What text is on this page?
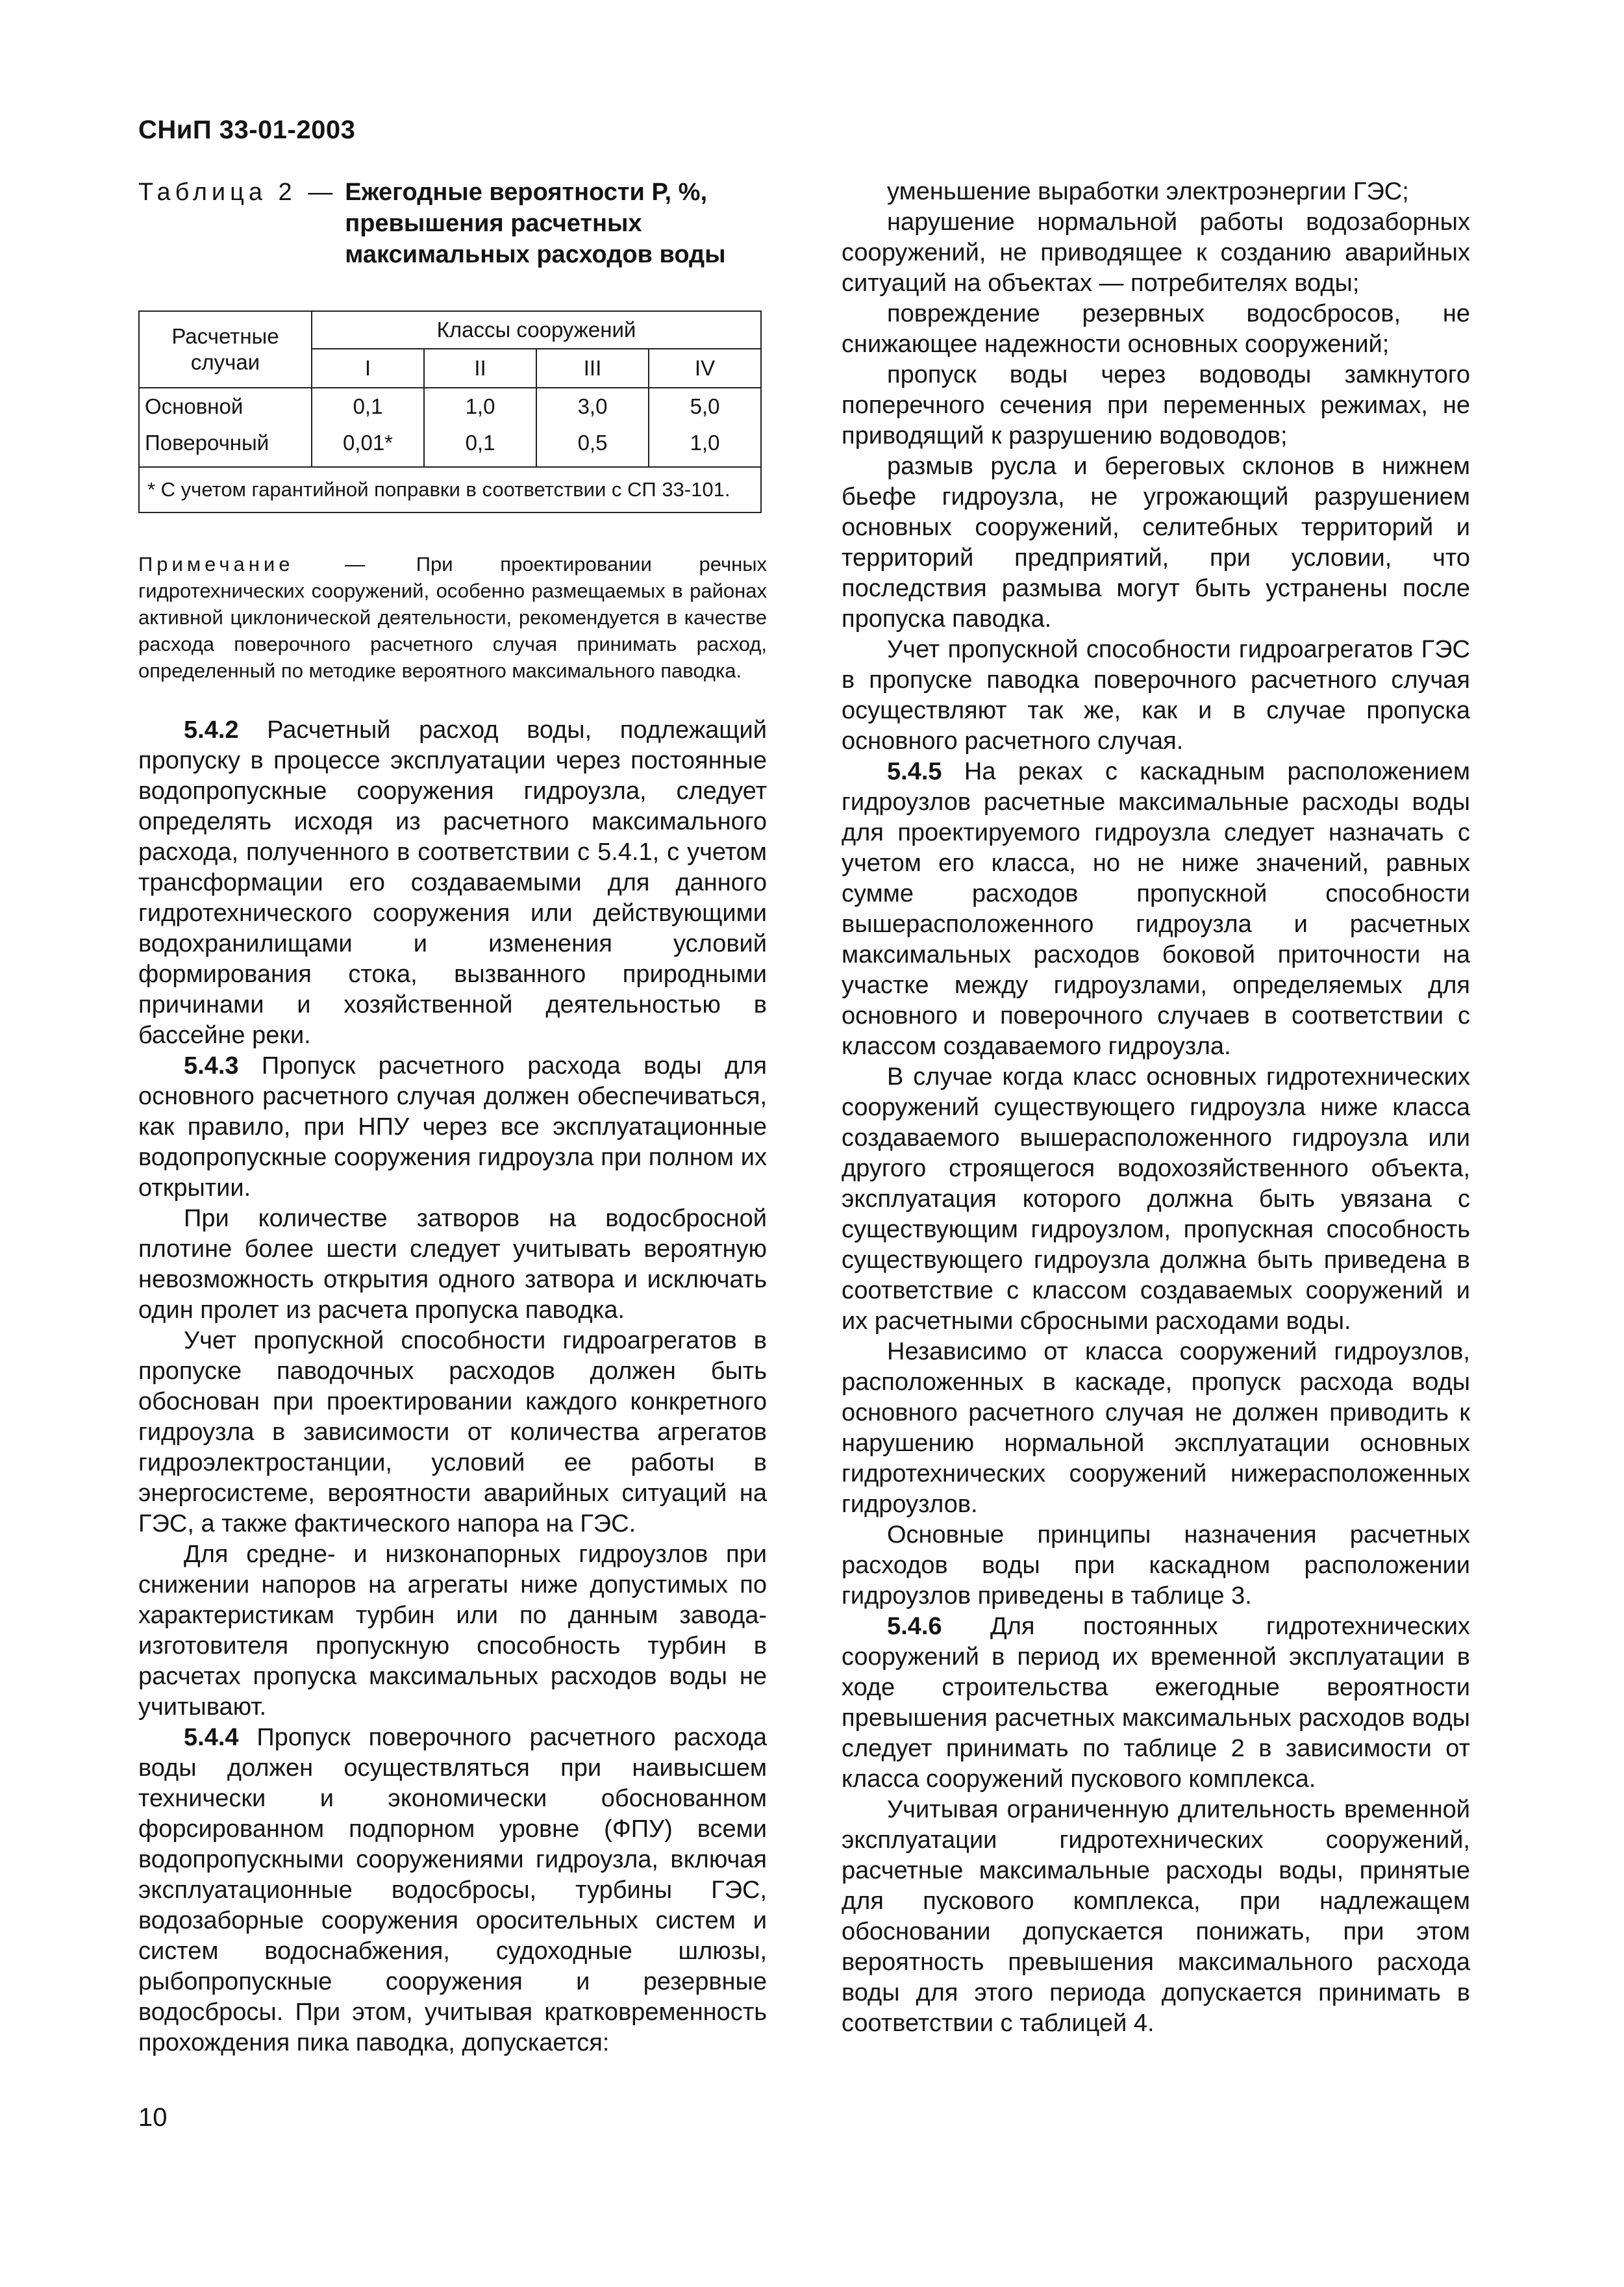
СНиП 33-01-2003
Таблица 2 — Ежегодные вероятности Р, %, превышения расчетных максимальных расходов воды
Расчетные случаи	Классы сооружений			
	I	II	III	IV
Основной	0,1	1,0	3,0	5,0
Поверочный	0,01*	0,1	0,5	1,0
* С учетом гарантийной поправки в соответствии с СП 33-101.				
Примечание — При проектировании речных гидротехнических сооружений, особенно размещаемых в районах активной циклонической деятельности, рекомендуется в качестве расхода поверочного расчетного случая принимать расход, определенный по методике вероятного максимального паводка.

5.4.2 Расчетный расход воды, подлежащий пропуску в процессе эксплуатации через постоянные водопропускные сооружения гидроузла, следует определять исходя из расчетного максимального расхода, полученного в соответствии с 5.4.1, с учетом трансформации его создаваемыми для данного гидротехнического сооружения или действующими водохранилищами и изменения условий формирования стока, вызванного природными причинами и хозяйственной деятельностью в бассейне реки.

5.4.3 Пропуск расчетного расхода воды для основного расчетного случая должен обеспечиваться, как правило, при НПУ через все эксплуатационные водопропускные сооружения гидроузла при полном их открытии.

При количестве затворов на водосбросной плотине более шести следует учитывать вероятную невозможность открытия одного затвора и исключать один пролет из расчета пропуска паводка.

Учет пропускной способности гидроагрегатов в пропуске паводочных расходов должен быть обоснован при проектировании каждого конкретного гидроузла в зависимости от количества агрегатов гидроэлектростанции, условий ее работы в энергосистеме, вероятности аварийных ситуаций на ГЭС, а также фактического напора на ГЭС.

Для средне- и низконапорных гидроузлов при снижении напоров на агрегаты ниже допустимых по характеристикам турбин или по данным завода-изготовителя пропускную способность турбин в расчетах пропуска максимальных расходов воды не учитывают.

5.4.4 Пропуск поверочного расчетного расхода воды должен осуществляться при наивысшем технически и экономически обоснованном форсированном подпорном уровне (ФПУ) всеми водопропускными сооружениями гидроузла, включая эксплуатационные водосбросы, турбины ГЭС, водозаборные сооружения оросительных систем и систем водоснабжения, судоходные шлюзы, рыбопропускные сооружения и резервные водосбросы. При этом, учитывая кратковременность прохождения пика паводка, допускается:

уменьшение выработки электроэнергии ГЭС;

нарушение нормальной работы водозаборных сооружений, не приводящее к созданию аварийных ситуаций на объектах — потребителях воды;

повреждение резервных водосбросов, не снижающее надежности основных сооружений;

пропуск воды через водоводы замкнутого поперечного сечения при переменных режимах, не приводящий к разрушению водоводов;

размыв русла и береговых склонов в нижнем бьефе гидроузла, не угрожающий разрушением основных сооружений, селитебных территорий и территорий предприятий, при условии, что последствия размыва могут быть устранены после пропуска паводка.

Учет пропускной способности гидроагрегатов ГЭС в пропуске паводка поверочного расчетного случая осуществляют так же, как и в случае пропуска основного расчетного случая.

5.4.5 На реках с каскадным расположением гидроузлов расчетные максимальные расходы воды для проектируемого гидроузла следует назначать с учетом его класса, но не ниже значений, равных сумме расходов пропускной способности вышерасположенного гидроузла и расчетных максимальных расходов боковой приточности на участке между гидроузлами, определяемых для основного и поверочного случаев в соответствии с классом создаваемого гидроузла.

В случае когда класс основных гидротехнических сооружений существующего гидроузла ниже класса создаваемого вышерасположенного гидроузла или другого строящегося водохозяйственного объекта, эксплуатация которого должна быть увязана с существующим гидроузлом, пропускная способность существующего гидроузла должна быть приведена в соответствие с классом создаваемых сооружений и их расчетными сбросными расходами воды.

Независимо от класса сооружений гидроузлов, расположенных в каскаде, пропуск расхода воды основного расчетного случая не должен приводить к нарушению нормальной эксплуатации основных гидротехнических сооружений нижерасположенных гидроузлов.

Основные принципы назначения расчетных расходов воды при каскадном расположении гидроузлов приведены в таблице 3.

5.4.6 Для постоянных гидротехнических сооружений в период их временной эксплуатации в ходе строительства ежегодные вероятности превышения расчетных максимальных расходов воды следует принимать по таблице 2 в зависимости от класса сооружений пускового комплекса.

Учитывая ограниченную длительность временной эксплуатации гидротехнических сооружений, расчетные максимальные расходы воды, принятые для пускового комплекса, при надлежащем обосновании допускается понижать, при этом вероятность превышения максимального расхода воды для этого периода допускается принимать в соответствии с таблицей 4.

10
